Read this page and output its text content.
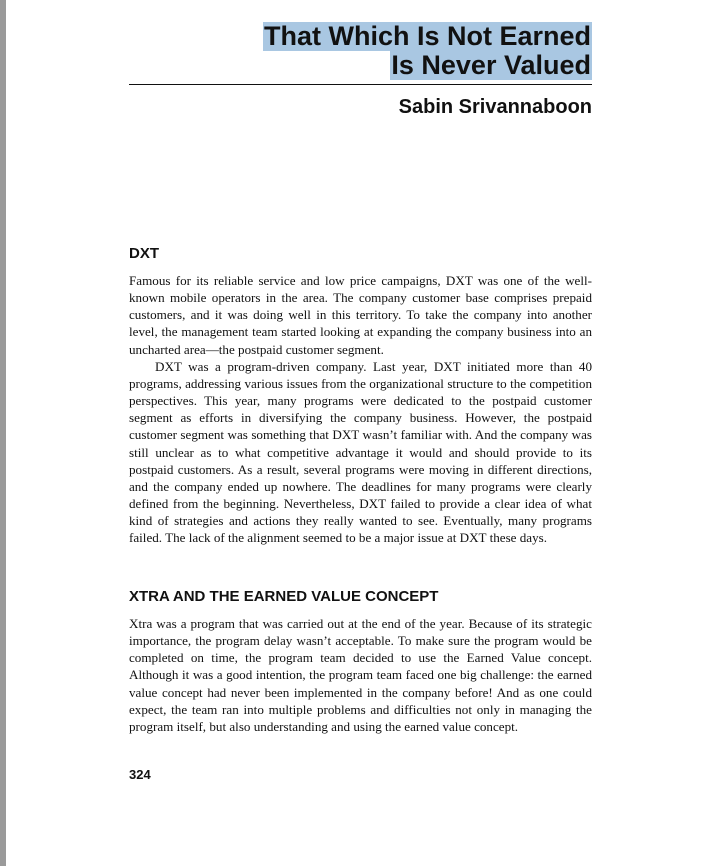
That Which Is Not Earned
Is Never Valued
Sabin Srivannaboon
DXT

Famous for its reliable service and low price campaigns, DXT was one of the well-known mobile operators in the area. The company customer base comprises prepaid customers, and it was doing well in this territory. To take the company into another level, the management team started looking at expanding the company business into an uncharted area—the postpaid customer segment.

DXT was a program-driven company. Last year, DXT initiated more than 40 programs, addressing various issues from the organizational structure to the competition perspectives. This year, many programs were dedicated to the postpaid customer segment as efforts in diversifying the company business. However, the postpaid customer segment was something that DXT wasn’t familiar with. And the company was still unclear as to what competitive advantage it would and should provide to its postpaid customers. As a result, several programs were moving in different directions, and the company ended up nowhere. The deadlines for many programs were clearly defined from the beginning. Nevertheless, DXT failed to provide a clear idea of what kind of strategies and actions they really wanted to see. Eventually, many programs failed. The lack of the alignment seemed to be a major issue at DXT these days.

XTRA AND THE EARNED VALUE CONCEPT

Xtra was a program that was carried out at the end of the year. Because of its strategic importance, the program delay wasn’t acceptable. To make sure the program would be completed on time, the program team decided to use the Earned Value concept. Although it was a good intention, the program team faced one big challenge: the earned value concept had never been implemented in the company before! And as one could expect, the team ran into multiple problems and difficulties not only in managing the program itself, but also understanding and using the earned value concept.

324
